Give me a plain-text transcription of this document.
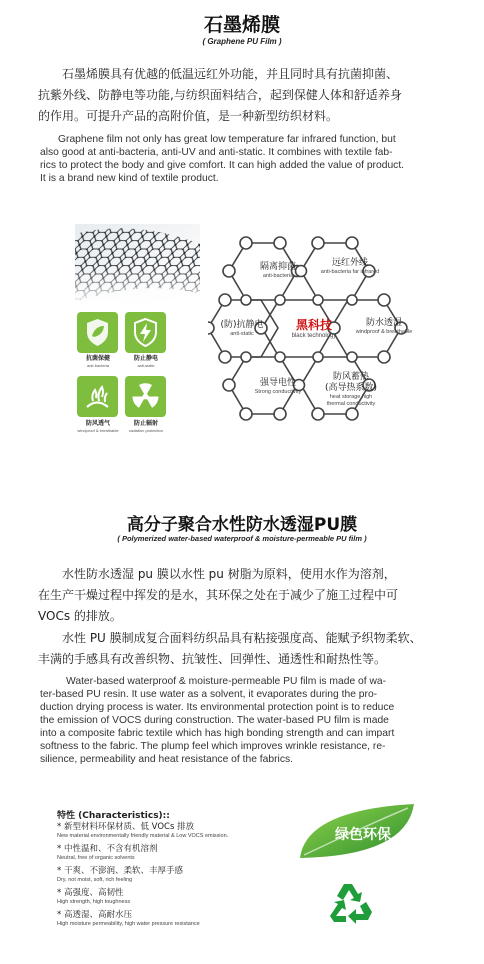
石墨烯膜
( Graphene PU Film )
石墨烯膜具有优越的低温远红外功能，并且同时具有抗菌抑菌、
抗紫外线、防静电等功能,与纺织面料结合，起到保健人体和舒适养身
的作用。可提升产品的高附价值，是一种新型纺织材料。
Graphene film not only has great low temperature far infrared function, but
also good at anti-bacteria, anti-UV and anti-static. It combines with textile fab-
rics to protect the body and give comfort. It can high added the value of product.
It is a brand new kind of textile product.
抗菌保健
anti-bacteria
防止静电
anti-static
防风透气
windproof & breathable
防止辐射
radiation protection
隔离抑菌
anti-bacteria
远红外线
anti-bacteria far infrared
(防)抗静电
anti-static
黑科技
black technology
防水透湿
windproof & breathable
强导电性
Strong conductivity
防风蓄热
(高导热系数)
heat storage high thermal conductivity
高分子聚合水性防水透湿PU膜
( Polymerized water-based waterproof & moisture-permeable PU film )
水性防水透湿 pu 膜以水性 pu 树脂为原料，使用水作为溶剂，
在生产干燥过程中挥发的是水，其环保之处在于减少了施工过程中可
VOCs 的排放。
水性 PU 膜制成复合面料纺织品具有粘接强度高、能赋予织物柔软、
丰满的手感具有改善织物、抗皱性、回弹性、通透性和耐热性等。
Water-based waterproof & moisture-permeable PU film is made of wa-
ter-based PU resin. It use water as a solvent, it evaporates during the pro-
duction drying process is water. Its environmental protection point is to reduce
the emission of VOCS during construction. The water-based PU film is made
into a composite fabric textile which has high bonding strength and can impart
softness to the fabric. The plump feel which improves wrinkle resistance, re-
silience, permeability and heat resistance of the fabrics.
特性 (Characteristics)::
* 新型材料环保材质、低 VOCs 排放
New material environmentally friendly material & Low VOCS emission.
* 中性温和、不含有机溶剂
Neutral, free of organic solvents
* 干爽、不澎润、柔软、丰厚手感
Dry, not moist, soft, rich feeling
* 高强度、高韧性
High strength, high toughness
* 高透湿、高耐水压
High moisture permeability, high water pressure resistance
绿色环保
